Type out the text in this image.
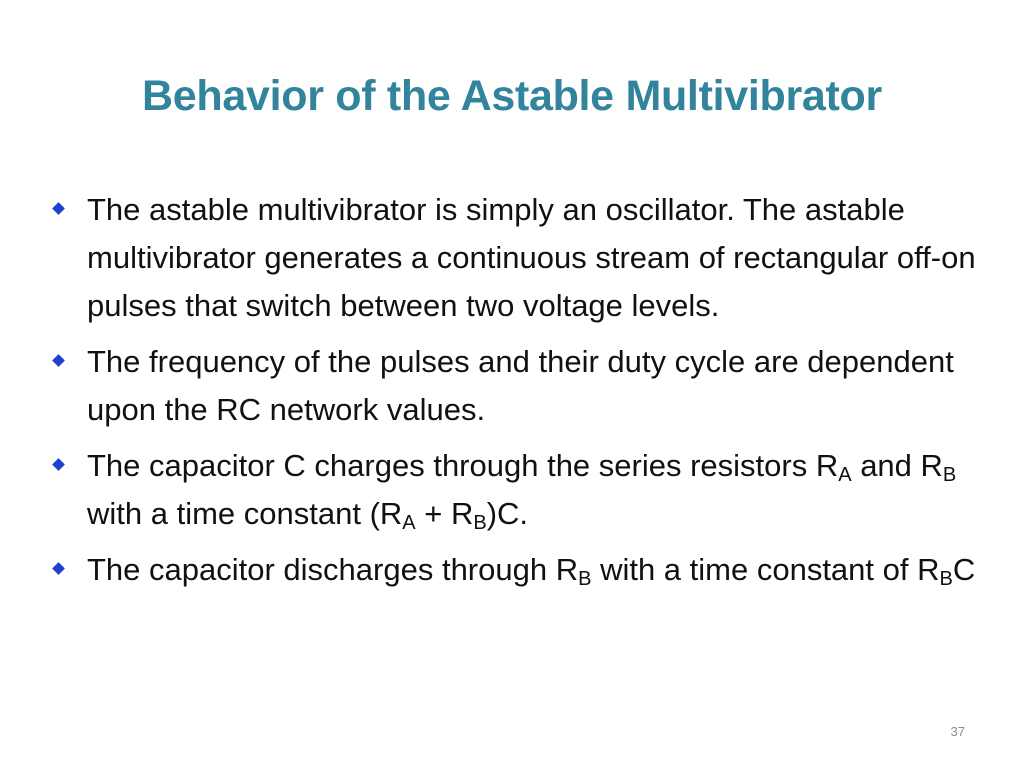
Behavior of the Astable Multivibrator
The astable multivibrator is simply an oscillator. The astable multivibrator generates a continuous stream of rectangular off-on pulses that switch between two voltage levels.
The frequency of the pulses and their duty cycle are dependent upon the RC network values.
The capacitor C charges through the series resistors $R_A$ and $R_B$ with a time constant $(R_A + R_B)C$.
The capacitor discharges through $R_B$ with a time constant of $R_BC$
37
